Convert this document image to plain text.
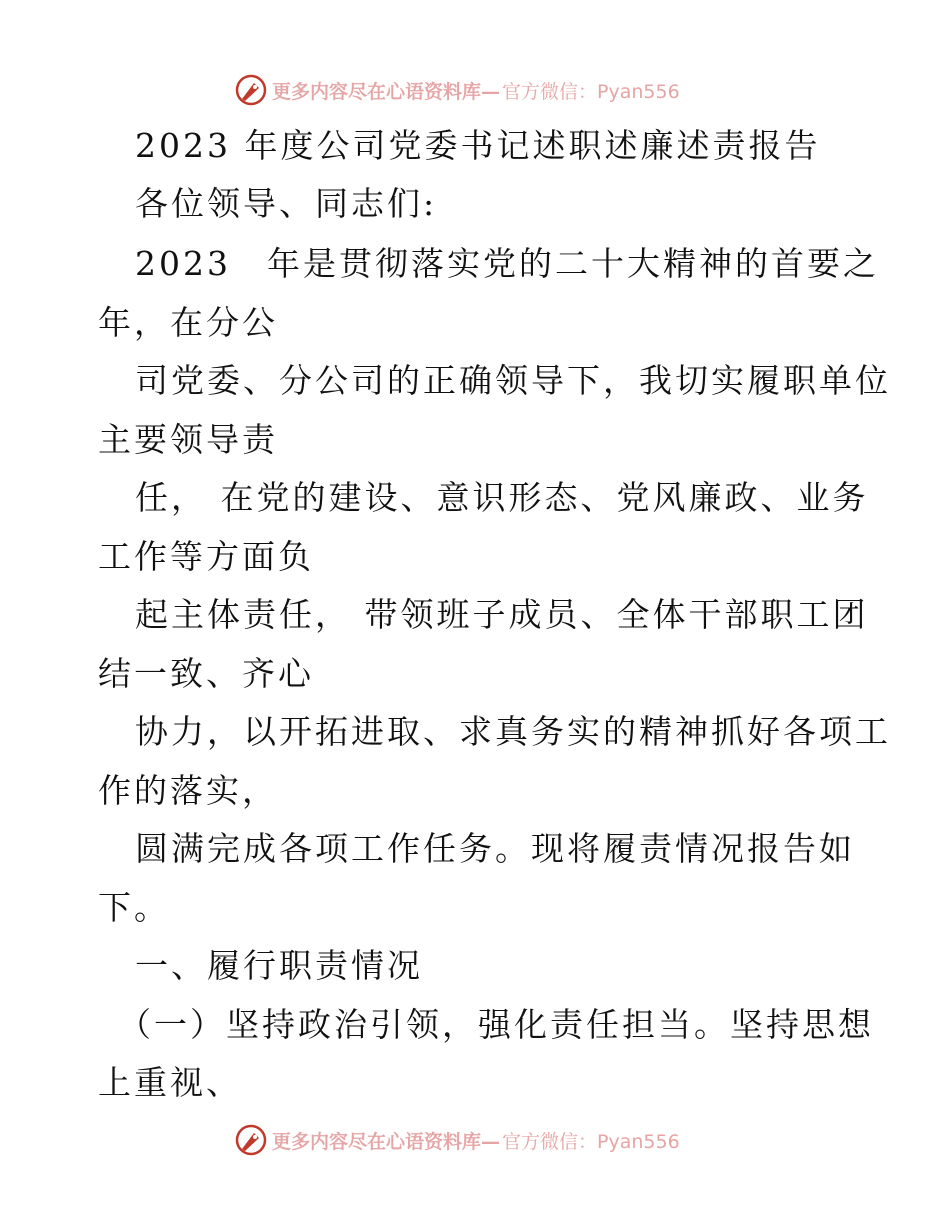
更多内容尽在心语资料库— 官方微信：Pyan556
2023 年度公司党委书记述职述廉述责报告
各位领导、同志们:
2023　年是贯彻落实党的二十大精神的首要之
年，在分公
司党委、分公司的正确领导下，我切实履职单位
主要领导责
任， 在党的建设、意识形态、党风廉政、业务
工作等方面负
起主体责任， 带领班子成员、全体干部职工团
结一致、齐心
协力，以开拓进取、求真务实的精神抓好各项工
作的落实，
圆满完成各项工作任务。现将履责情况报告如
下。
一、履行职责情况
（一）坚持政治引领，强化责任担当。坚持思想
上重视、
更多内容尽在心语资料库— 官方微信：Pyan556
